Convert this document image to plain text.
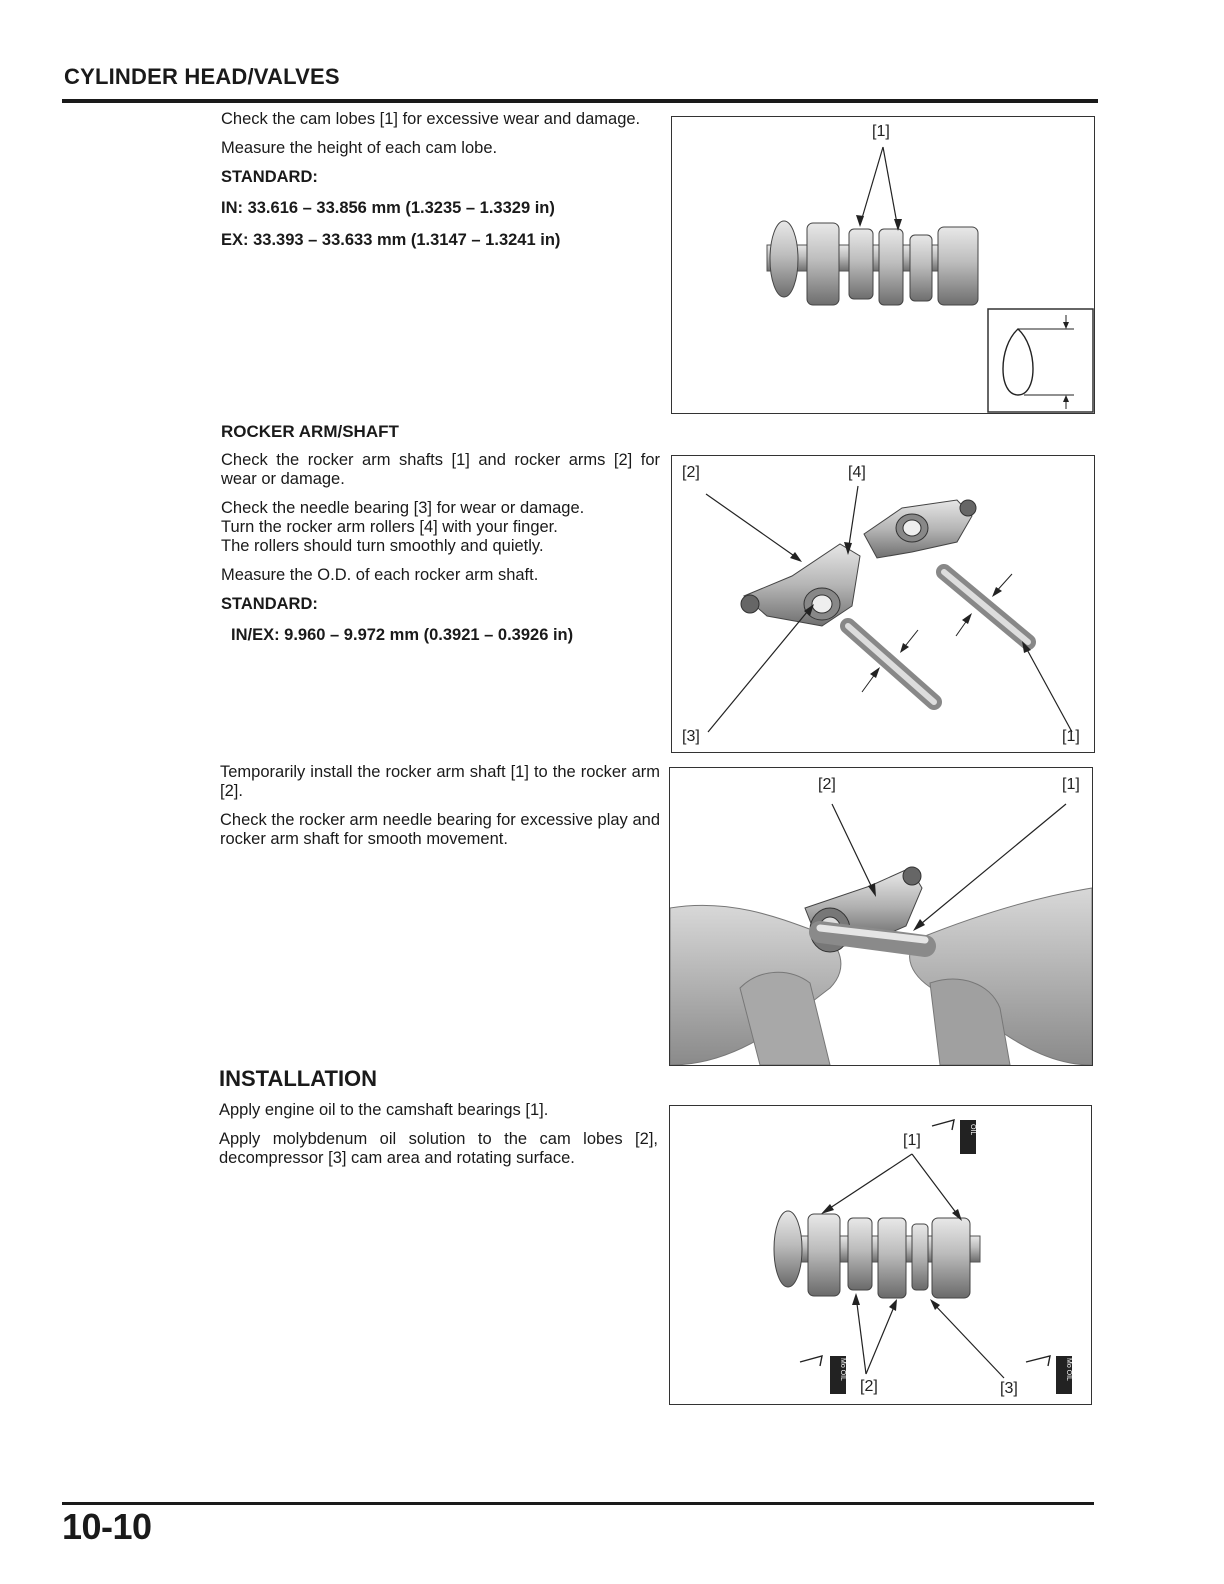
CYLINDER HEAD/VALVES

Check the cam lobes [1] for excessive wear and damage.

Measure the height of each cam lobe.

STANDARD:

IN: 33.616 – 33.856 mm (1.3235 – 1.3329 in)

EX: 33.393 – 33.633 mm (1.3147 – 1.3241 in)

[1]
ROCKER ARM/SHAFT

Check the rocker arm shafts [1] and rocker arms [2] for wear or damage.

Check the needle bearing [3] for wear or damage.

Turn the rocker arm rollers [4] with your finger.

The rollers should turn smoothly and quietly.

Measure the O.D. of each rocker arm shaft.

STANDARD:

IN/EX: 9.960 – 9.972 mm (0.3921 – 0.3926 in)

[2]	[4]
[3]	[1]

Temporarily install the rocker arm shaft [1] to the rocker arm [2].

Check the rocker arm needle bearing for excessive play and rocker arm shaft for smooth movement.

[2]	[1]
INSTALLATION

Apply engine oil to the camshaft bearings [1].

Apply molybdenum oil solution to the cam lobes [2], decompressor [3] cam area and rotating surface.

[1]
[2]	[3]
OIL
Mo OIL	Mo OIL
10-10
